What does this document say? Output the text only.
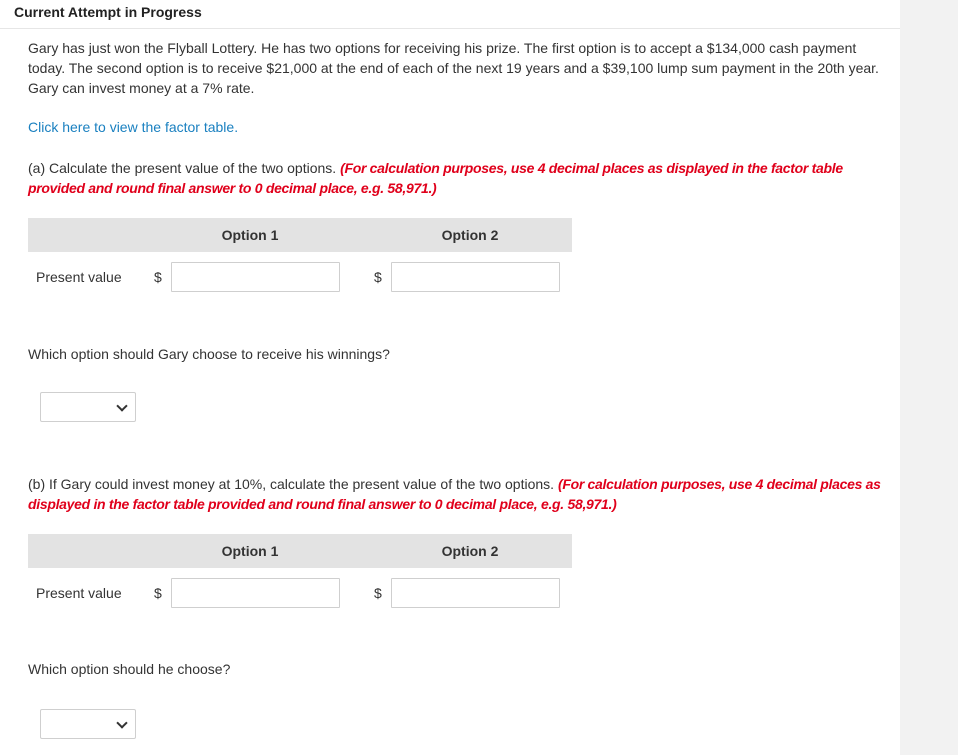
Current Attempt in Progress
Gary has just won the Flyball Lottery. He has two options for receiving his prize. The first option is to accept a $134,000 cash payment today. The second option is to receive $21,000 at the end of each of the next 19 years and a $39,100 lump sum payment in the 20th year. Gary can invest money at a 7% rate.
Click here to view the factor table.
(a) Calculate the present value of the two options. (For calculation purposes, use 4 decimal places as displayed in the factor table provided and round final answer to 0 decimal place, e.g. 58,971.)
Option 1	Option 2
Present value $	$
Which option should Gary choose to receive his winnings?
(b) If Gary could invest money at 10%, calculate the present value of the two options. (For calculation purposes, use 4 decimal places as displayed in the factor table provided and round final answer to 0 decimal place, e.g. 58,971.)
Option 1	Option 2
Present value $	$
Which option should he choose?
